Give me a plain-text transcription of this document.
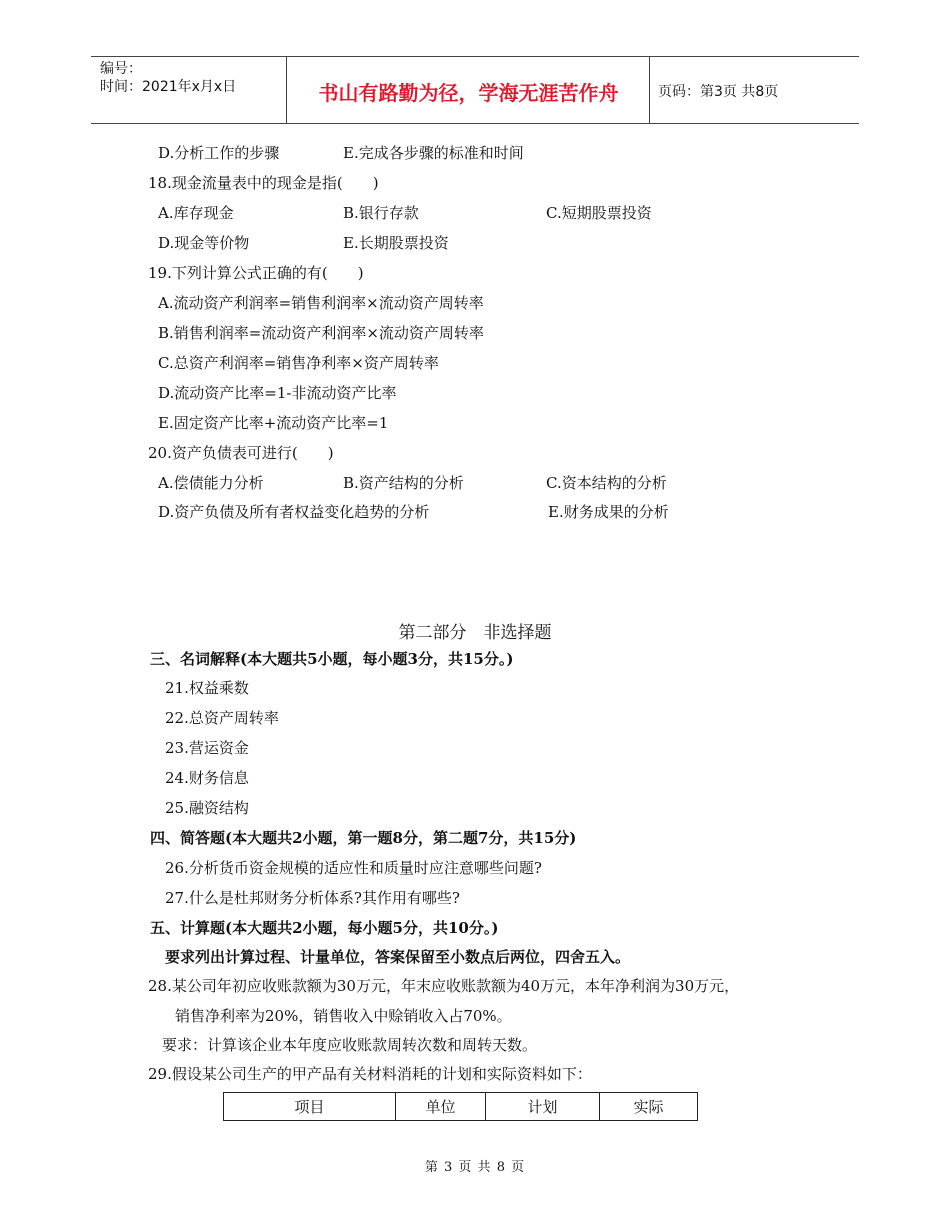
编号：
时间：2021年x月x日	书山有路勤为径，学海无涯苦作舟	页码：第3页 共8页
D.分析工作的步骤	E.完成各步骤的标准和时间
18.现金流量表中的现金是指(　　)
A.库存现金	B.银行存款	C.短期股票投资
D.现金等价物	E.长期股票投资
19.下列计算公式正确的有(　　)
A.流动资产利润率=销售利润率×流动资产周转率
B.销售利润率=流动资产利润率×流动资产周转率
C.总资产利润率=销售净利率×资产周转率
D.流动资产比率=1-非流动资产比率
E.固定资产比率+流动资产比率=1
20.资产负债表可进行(　　)
A.偿债能力分析	B.资产结构的分析	C.资本结构的分析
D.资产负债及所有者权益变化趋势的分析	E.财务成果的分析
第二部分　非选择题
三、名词解释(本大题共5小题，每小题3分，共15分。)
21.权益乘数
22.总资产周转率
23.营运资金
24.财务信息
25.融资结构
四、简答题(本大题共2小题，第一题8分，第二题7分，共15分)
26.分析货币资金规模的适应性和质量时应注意哪些问题?
27.什么是杜邦财务分析体系?其作用有哪些?
五、计算题(本大题共2小题，每小题5分，共10分。)
要求列出计算过程、计量单位，答案保留至小数点后两位，四舍五入。
28.某公司年初应收账款额为30万元，年末应收账款额为40万元，本年净利润为30万元，
销售净利率为20%，销售收入中赊销收入占70%。
要求：计算该企业本年度应收账款周转次数和周转天数。
29.假设某公司生产的甲产品有关材料消耗的计划和实际资料如下：
项目	单位	计划	实际
第 3 页 共 8 页
